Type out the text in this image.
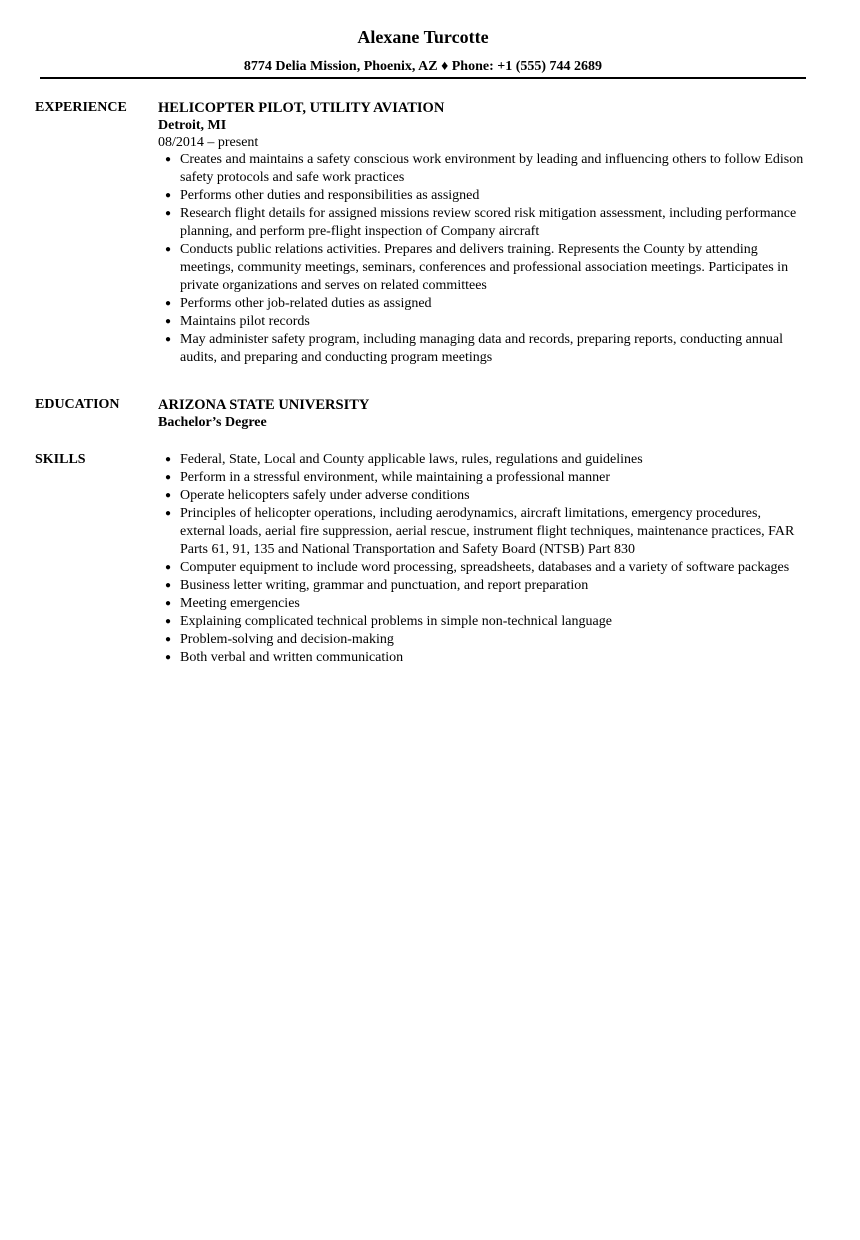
Alexane Turcotte
8774 Delia Mission, Phoenix, AZ ♦ Phone: +1 (555) 744 2689
EXPERIENCE	HELICOPTER PILOT, UTILITY AVIATION
Detroit, MI
08/2014 – present
● Creates and maintains a safety conscious work environment by leading and influencing others to follow Edison safety protocols and safe work practices
● Performs other duties and responsibilities as assigned
● Research flight details for assigned missions review scored risk mitigation assessment, including performance planning, and perform pre-flight inspection of Company aircraft
● Conducts public relations activities. Prepares and delivers training. Represents the County by attending meetings, community meetings, seminars, conferences and professional association meetings. Participates in private organizations and serves on related committees
● Performs other job-related duties as assigned
● Maintains pilot records
● May administer safety program, including managing data and records, preparing reports, conducting annual audits, and preparing and conducting program meetings
EDUCATION	ARIZONA STATE UNIVERSITY
Bachelor’s Degree
SKILLS	● Federal, State, Local and County applicable laws, rules, regulations and guidelines
● Perform in a stressful environment, while maintaining a professional manner
● Operate helicopters safely under adverse conditions
● Principles of helicopter operations, including aerodynamics, aircraft limitations, emergency procedures, external loads, aerial fire suppression, aerial rescue, instrument flight techniques, maintenance practices, FAR Parts 61, 91, 135 and National Transportation and Safety Board (NTSB) Part 830
● Computer equipment to include word processing, spreadsheets, databases and a variety of software packages
● Business letter writing, grammar and punctuation, and report preparation
● Meeting emergencies
● Explaining complicated technical problems in simple non-technical language
● Problem-solving and decision-making
● Both verbal and written communication
